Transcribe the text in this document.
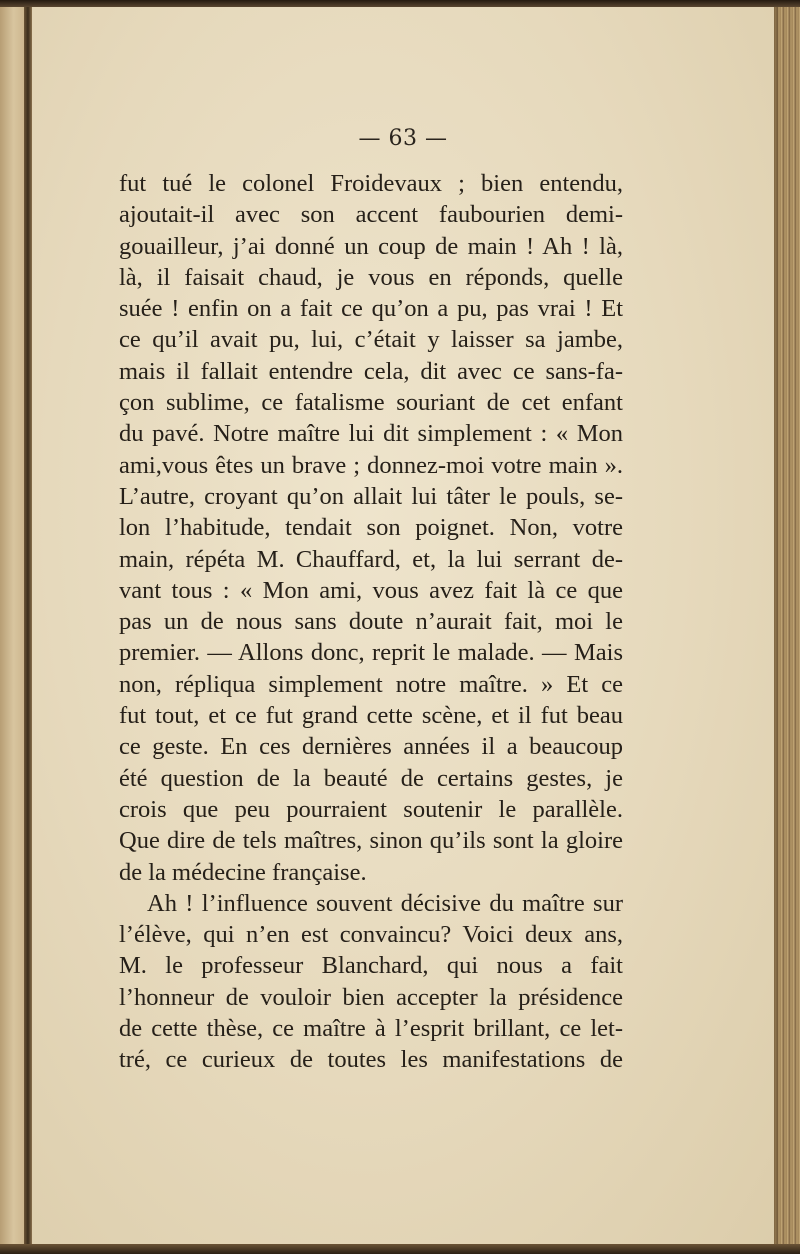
— 63 —
fut tué le colonel Froidevaux ; bien entendu,
ajoutait-il avec son accent faubourien demi-
gouailleur, j’ai donné un coup de main ! Ah ! là,
là, il faisait chaud, je vous en réponds, quelle
suée ! enfin on a fait ce qu’on a pu, pas vrai ! Et
ce qu’il avait pu, lui, c’était y laisser sa jambe,
mais il fallait entendre cela, dit avec ce sans-fa-
çon sublime, ce fatalisme souriant de cet enfant
du pavé. Notre maître lui dit simplement : « Mon
ami,vous êtes un brave ; donnez-moi votre main ».
L’autre, croyant qu’on allait lui tâter le pouls, se-
lon l’habitude, tendait son poignet. Non, votre
main, répéta M. Chauffard, et, la lui serrant de-
vant tous : « Mon ami, vous avez fait là ce que
pas un de nous sans doute n’aurait fait, moi le
premier. — Allons donc, reprit le malade. — Mais
non, répliqua simplement notre maître. » Et ce
fut tout, et ce fut grand cette scène, et il fut beau
ce geste. En ces dernières années il a beaucoup
été question de la beauté de certains gestes, je
crois que peu pourraient soutenir le parallèle.
Que dire de tels maîtres, sinon qu’ils sont la gloire
de la médecine française.
Ah ! l’influence souvent décisive du maître sur
l’élève, qui n’en est convaincu? Voici deux ans,
M. le professeur Blanchard, qui nous a fait
l’honneur de vouloir bien accepter la présidence
de cette thèse, ce maître à l’esprit brillant, ce let-
tré, ce curieux de toutes les manifestations de
